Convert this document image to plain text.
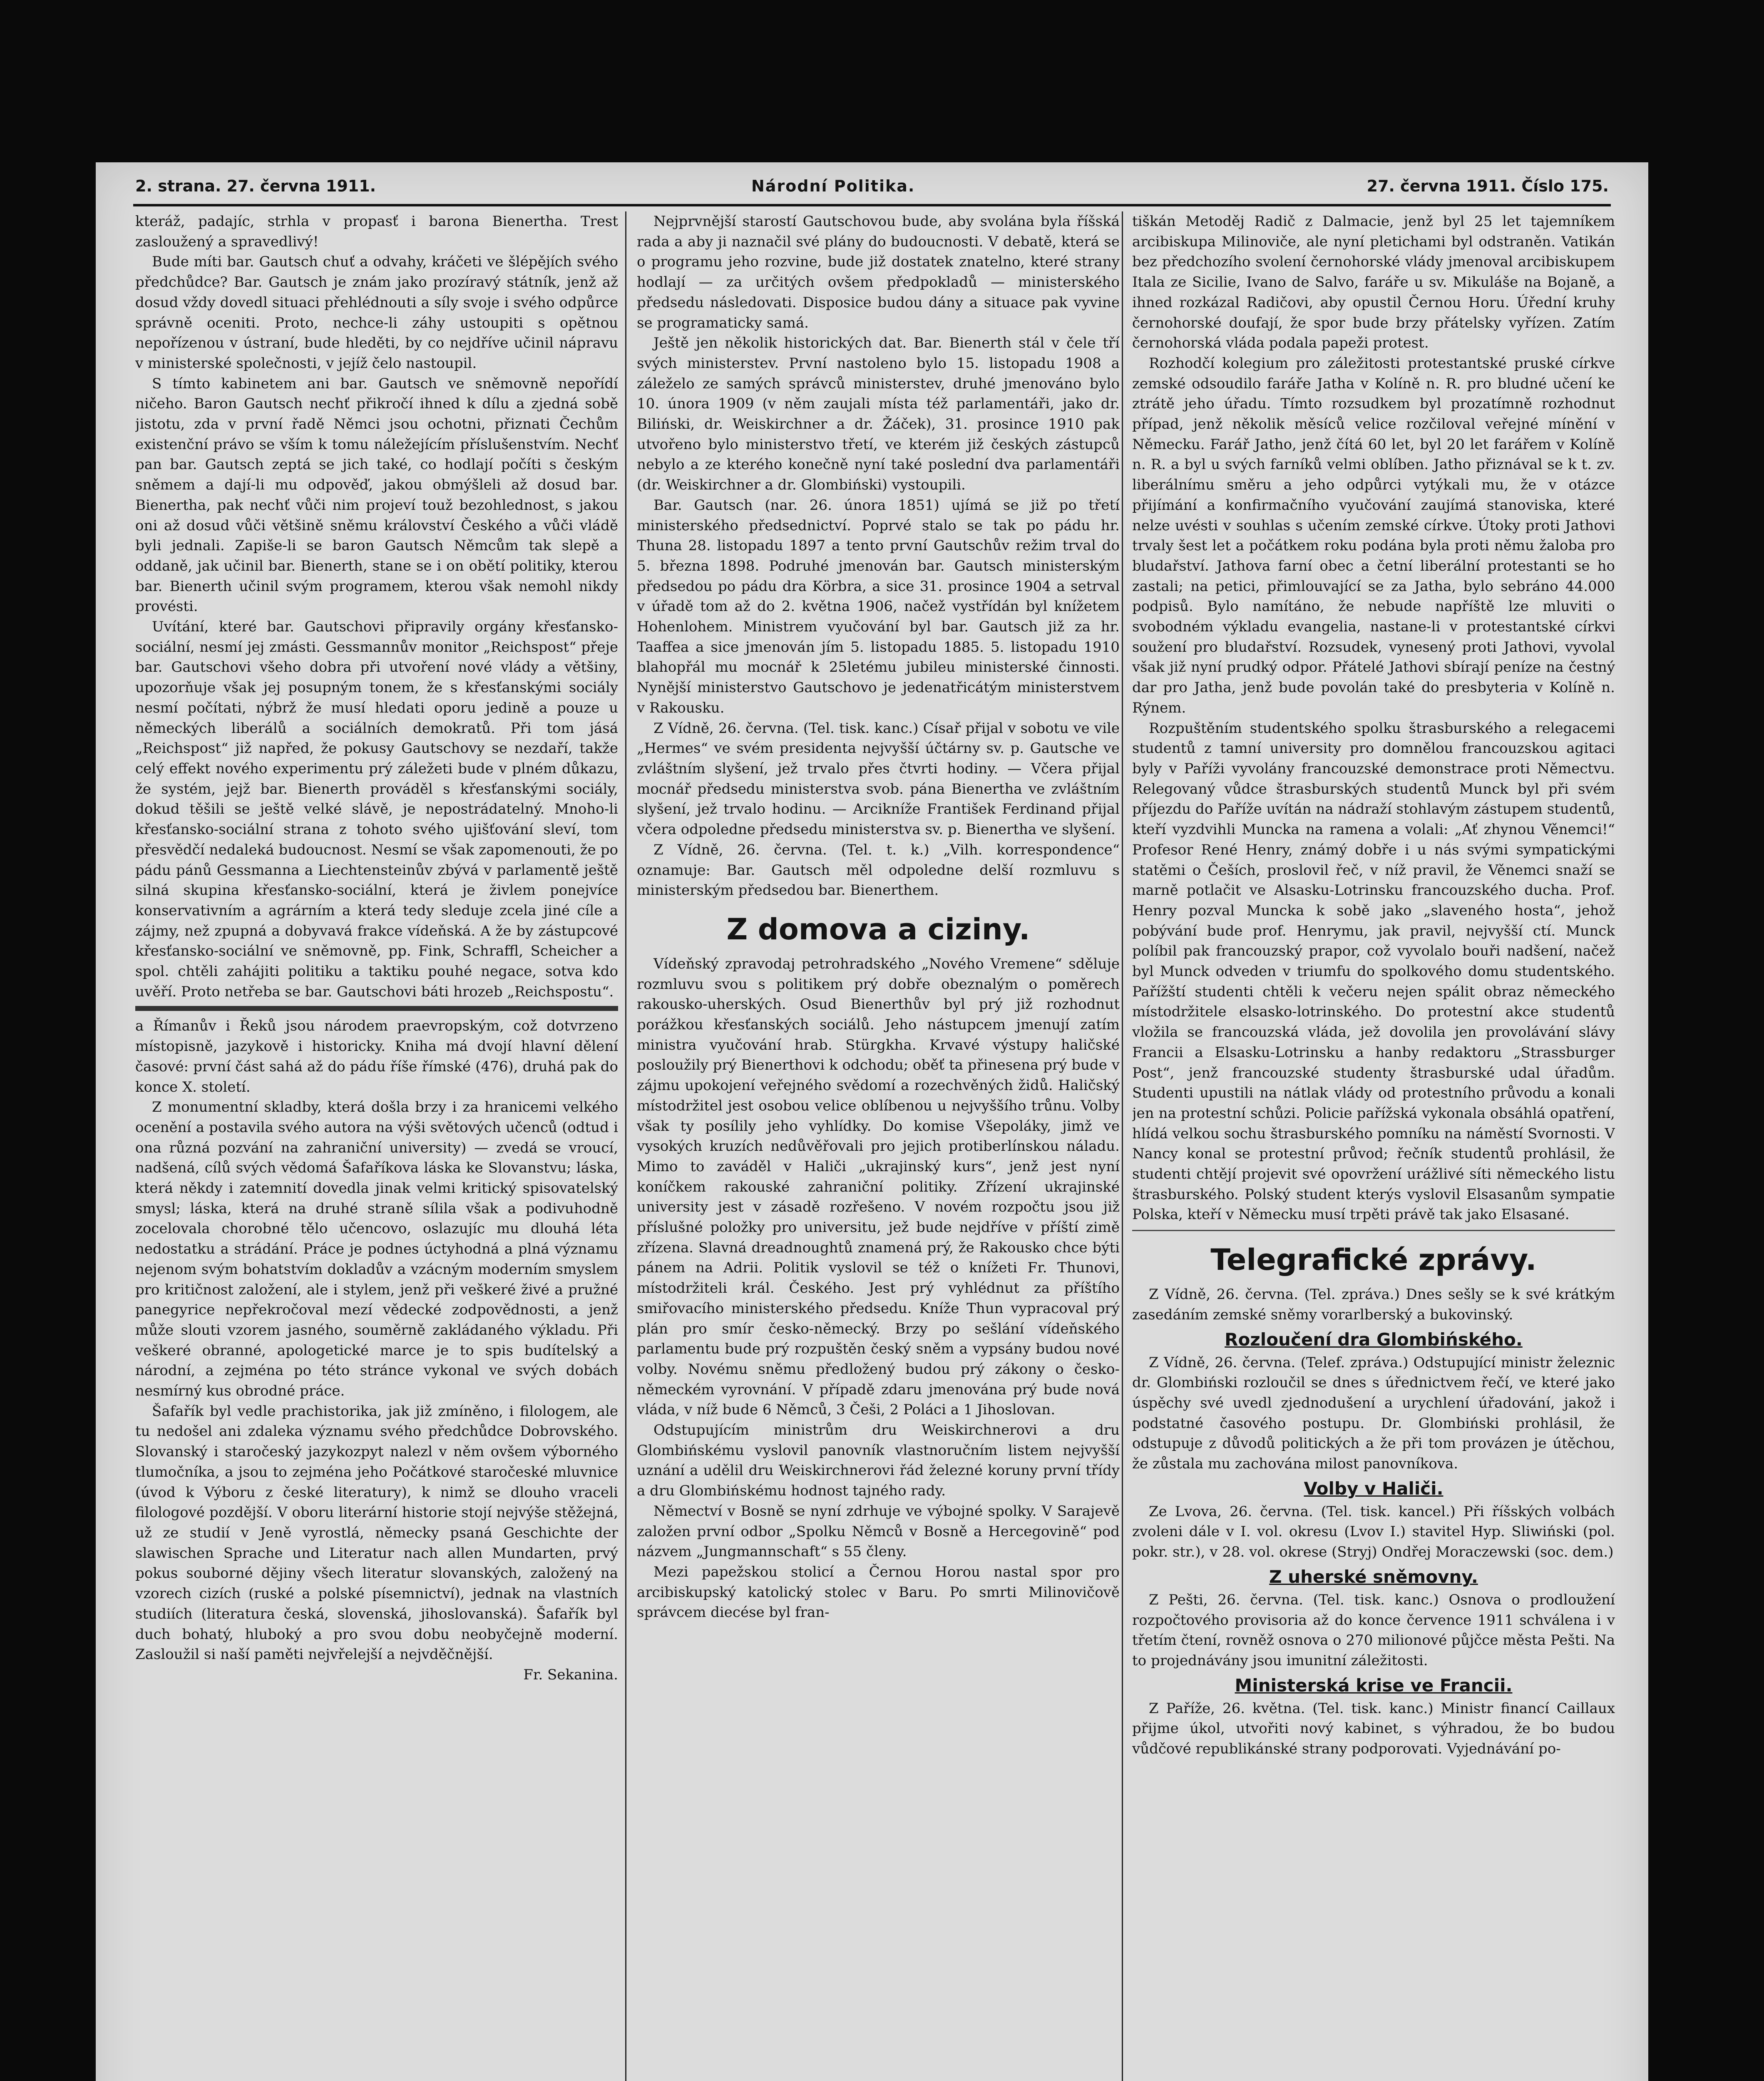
2. strana. 27. června 1911.	Národní Politika.	27. června 1911. Číslo 175.

kteráž, padajíc, strhla v propasť i barona Bienertha. Trest zasloužený a spravedlivý!

Bude míti bar. Gautsch chuť a odvahy, kráčeti ve šlépějích svého předchůdce? Bar. Gautsch je znám jako prozíravý státník, jenž až dosud vždy dovedl situaci přehlédnouti a síly svoje i svého odpůrce správně oceniti. Proto, nechce-li záhy ustoupiti s opětnou nepořízenou v ústraní, bude hleděti, by co nejdříve učinil nápravu v ministerské společnosti, v jejíž čelo nastoupil.

S tímto kabinetem ani bar. Gautsch ve sněmovně nepořídí ničeho. Baron Gautsch nechť přikročí ihned k dílu a zjedná sobě jistotu, zda v první řadě Němci jsou ochotni, přiznati Čechům existenční právo se vším k tomu náležejícím příslušenstvím. Nechť pan bar. Gautsch zeptá se jich také, co hodlají počíti s českým sněmem a dají-li mu odpověď, jakou obmýšleli až dosud bar. Bienertha, pak nechť vůči nim projeví touž bezohlednost, s jakou oni až dosud vůči většině sněmu království Českého a vůči vládě byli jednali. Zapiše-li se baron Gautsch Němcům tak slepě a oddaně, jak učinil bar. Bienerth, stane se i on obětí politiky, kterou bar. Bienerth učinil svým programem, kterou však nemohl nikdy provésti.

Uvítání, které bar. Gautschovi připravily orgány křesťansko-sociální, nesmí jej zmásti. Gessmannův monitor „Reichspost“ přeje bar. Gautschovi všeho dobra při utvoření nové vlády a většiny, upozorňuje však jej posupným tonem, že s křesťanskými sociály nesmí počítati, nýbrž že musí hledati oporu jedině a pouze u německých liberálů a sociálních demokratů. Při tom jásá „Reichspost“ již napřed, že pokusy Gautschovy se nezdaří, takže celý effekt nového experimentu prý záležeti bude v plném důkazu, že systém, jejž bar. Bienerth prováděl s křesťanskými sociály, dokud těšili se ještě velké slávě, je nepostrádatelný. Mnoho-li křesťansko-sociální strana z tohoto svého ujišťování sleví, tom přesvědčí nedaleká budoucnost. Nesmí se však zapomenouti, že po pádu pánů Gessmanna a Liechtensteinův zbývá v parlamentě ještě silná skupina křesťansko-sociální, která je živlem ponejvíce konservativním a agrárním a která tedy sleduje zcela jiné cíle a zájmy, než zpupná a dobyvavá frakce vídeňská. A že by zástupcové křesťansko-sociální ve sněmovně, pp. Fink, Schraffl, Scheicher a spol. chtěli zahájiti politiku a taktiku pouhé negace, sotva kdo uvěří. Proto netřeba se bar. Gautschovi báti hrozeb „Reichspostu“.

a Římanův i Řeků jsou národem praevropským, což dotvrzeno místopisně, jazykově i historicky. Kniha má dvojí hlavní dělení časové: první část sahá až do pádu říše římské (476), druhá pak do konce X. století.

Z monumentní skladby, která došla brzy i za hranicemi velkého ocenění a postavila svého autora na výši světových učenců (odtud i ona různá pozvání na zahraniční university) — zvedá se vroucí, nadšená, cílů svých vědomá Šafaříkova láska ke Slovanstvu; láska, která někdy i zatemnití dovedla jinak velmi kritický spisovatelský smysl; láska, která na druhé straně sílila však a podivuhodně zocelovala chorobné tělo učencovo, oslazujíc mu dlouhá léta nedostatku a strádání. Práce je podnes úctyhodná a plná významu nejenom svým bohatstvím dokladův a vzácným moderním smyslem pro kritičnost založení, ale i stylem, jenž při veškeré živé a pružné panegyrice nepřekročoval mezí vědecké zodpovědnosti, a jenž může slouti vzorem jasného, souměrně zakládaného výkladu. Při veškeré obranné, apologetické marce je to spis budítelský a národní, a zejména po této stránce vykonal ve svých dobách nesmírný kus obrodné práce.

Šafařík byl vedle prachistorika, jak již zmíněno, i filologem, ale tu nedošel ani zdaleka významu svého předchůdce Dobrovského. Slovanský i staročeský jazykozpyt nalezl v něm ovšem výborného tlumočníka, a jsou to zejména jeho Počátkové staročeské mluvnice (úvod k Výboru z české literatury), k nimž se dlouho vraceli filologové pozdější. V oboru literární historie stojí nejvýše stěžejná, už ze studií v Jeně vyrostlá, německy psaná Geschichte der slawischen Sprache und Literatur nach allen Mundarten, prvý pokus souborné dějiny všech literatur slovanských, založený na vzorech cizích (ruské a polské písemnictví), jednak na vlastních studiích (literatura česká, slovenská, jihoslovanská). Šafařík byl duch bohatý, hluboký a pro svou dobu neobyčejně moderní. Zasloužil si naší paměti nejvřelejší a nejvděčnější.

Fr. Sekanina.

Nejprvnější starostí Gautschovou bude, aby svolána byla říšská rada a aby ji naznačil své plány do budoucnosti. V debatě, která se o programu jeho rozvine, bude již dostatek znatelno, které strany hodlají — za určitých ovšem předpokladů — ministerského předsedu následovati. Disposice budou dány a situace pak vyvine se programaticky samá.

Ještě jen několik historických dat. Bar. Bienerth stál v čele tří svých ministerstev. První nastoleno bylo 15. listopadu 1908 a záleželo ze samých správců ministerstev, druhé jmenováno bylo 10. února 1909 (v něm zaujali místa též parlamentáři, jako dr. Biliński, dr. Weiskirchner a dr. Žáček), 31. prosince 1910 pak utvořeno bylo ministerstvo třetí, ve kterém již českých zástupců nebylo a ze kterého konečně nyní také poslední dva parlamentáři (dr. Weiskirchner a dr. Glombiński) vystoupili.

Bar. Gautsch (nar. 26. února 1851) ujímá se již po třetí ministerského předsednictví. Poprvé stalo se tak po pádu hr. Thuna 28. listopadu 1897 a tento první Gautschův režim trval do 5. března 1898. Podruhé jmenován bar. Gautsch ministerským předsedou po pádu dra Körbra, a sice 31. prosince 1904 a setrval v úřadě tom až do 2. května 1906, načež vystřídán byl knížetem Hohenlohem. Ministrem vyučování byl bar. Gautsch již za hr. Taaffea a sice jmenován jím 5. listopadu 1885. 5. listopadu 1910 blahopřál mu mocnář k 25letému jubileu ministerské činnosti. Nynější ministerstvo Gautschovo je jedenatřicátým ministerstvem v Rakousku.

Z Vídně, 26. června. (Tel. tisk. kanc.) Císař přijal v sobotu ve vile „Hermes“ ve svém presidenta nejvyšší účtárny sv. p. Gautsche ve zvláštním slyšení, jež trvalo přes čtvrti hodiny. — Včera přijal mocnář předsedu ministerstva svob. pána Bienertha ve zvláštním slyšení, jež trvalo hodinu. — Arcikníže František Ferdinand přijal včera odpoledne předsedu ministerstva sv. p. Bienertha ve slyšení.

Z Vídně, 26. června. (Tel. t. k.) „Vilh. korrespondence“ oznamuje: Bar. Gautsch měl odpoledne delší rozmluvu s ministerským předsedou bar. Bienerthem.

Z domova a ciziny.

Vídeňský zpravodaj petrohradského „Nového Vremene“ sděluje rozmluvu svou s politikem prý dobře obeznalým o poměrech rakousko-uherských. Osud Bienerthův byl prý již rozhodnut porážkou křesťanských sociálů. Jeho nástupcem jmenují zatím ministra vyučování hrab. Stürgkha. Krvavé výstupy haličské posloužily prý Bienerthovi k odchodu; oběť ta přinesena prý bude v zájmu upokojení veřejného svědomí a rozechvěných židů. Haličský místodržitel jest osobou velice oblíbenou u nejvyššího trůnu. Volby však ty posílily jeho vyhlídky. Do komise Všepoláky, jimž ve vysokých kruzích nedůvěřovali pro jejich protiberlínskou náladu. Mimo to zaváděl v Haliči „ukrajinský kurs“, jenž jest nyní koníčkem rakouské zahraniční politiky. Zřízení ukrajinské university jest v zásadě rozřešeno. V novém rozpočtu jsou již příslušné položky pro universitu, jež bude nejdříve v příští zimě zřízena. Slavná dreadnoughtů znamená prý, že Rakousko chce býti pánem na Adrii. Politik vyslovil se též o knížeti Fr. Thunovi, místodržiteli král. Českého. Jest prý vyhlédnut za příštího smiřovacího ministerského předsedu. Kníže Thun vypracoval prý plán pro smír česko-německý. Brzy po sešlání vídeňského parlamentu bude prý rozpuštěn český sněm a vypsány budou nové volby. Novému sněmu předložený budou prý zákony o česko-německém vyrovnání. V případě zdaru jmenována prý bude nová vláda, v níž bude 6 Němců, 3 Češi, 2 Poláci a 1 Jihoslovan.

Odstupujícím ministrům dru Weiskirchnerovi a dru Glombińskému vyslovil panovník vlastnoručním listem nejvyšší uznání a udělil dru Weiskirchnerovi řád železné koruny první třídy a dru Glombińskému hodnost tajného rady.

Němectví v Bosně se nyní zdrhuje ve výbojné spolky. V Sarajevě založen první odbor „Spolku Němců v Bosně a Hercegovině“ pod názvem „Jungmannschaft“ s 55 členy.

Mezi papežskou stolicí a Černou Horou nastal spor pro arcibiskupský katolický stolec v Baru. Po smrti Milinovičově správcem diecése byl fran-

tiškán Metoděj Radič z Dalmacie, jenž byl 25 let tajemníkem arcibiskupa Milinoviče, ale nyní pletichami byl odstraněn. Vatikán bez předchozího svolení černohorské vlády jmenoval arcibiskupem Itala ze Sicilie, Ivano de Salvo, faráře u sv. Mikuláše na Bojaně, a ihned rozkázal Radičovi, aby opustil Černou Horu. Úřední kruhy černohorské doufají, že spor bude brzy přátelsky vyřízen. Zatím černohorská vláda podala papeži protest.

Rozhodčí kolegium pro záležitosti protestantské pruské církve zemské odsoudilo faráře Jatha v Kolíně n. R. pro bludné učení ke ztrátě jeho úřadu. Tímto rozsudkem byl prozatímně rozhodnut případ, jenž několik měsíců velice rozčiloval veřejné mínění v Německu. Farář Jatho, jenž čítá 60 let, byl 20 let farářem v Kolíně n. R. a byl u svých farníků velmi oblíben. Jatho přiznával se k t. zv. liberálnímu směru a jeho odpůrci vytýkali mu, že v otázce přijímání a konfirmačního vyučování zaujímá stanoviska, které nelze uvésti v souhlas s učením zemské církve. Útoky proti Jathovi trvaly šest let a počátkem roku podána byla proti němu žaloba pro bludařství. Jathova farní obec a četní liberální protestanti se ho zastali; na petici, přimlouvající se za Jatha, bylo sebráno 44.000 podpisů. Bylo namítáno, že nebude napříště lze mluviti o svobodném výkladu evangelia, nastane-li v protestantské církvi soužení pro bludařství. Rozsudek, vynesený proti Jathovi, vyvolal však již nyní prudký odpor. Přátelé Jathovi sbírají peníze na čestný dar pro Jatha, jenž bude povolán také do presbyteria v Kolíně n. Rýnem.

Rozpuštěním studentského spolku štrasburského a relegacemi studentů z tamní university pro domnělou francouzskou agitaci byly v Paříži vyvolány francouzské demonstrace proti Němectvu. Relegovaný vůdce štrasburských studentů Munck byl při svém příjezdu do Paříže uvítán na nádraží stohlavým zástupem studentů, kteří vyzdvihli Muncka na ramena a volali: „Ať zhynou Věnemci!“ Profesor René Henry, známý dobře i u nás svými sympatickými statěmi o Češích, proslovil řeč, v níž pravil, že Věnemci snaží se marně potlačit ve Alsasku-Lotrinsku francouzského ducha. Prof. Henry pozval Muncka k sobě jako „slaveného hosta“, jehož pobývání bude prof. Henrymu, jak pravil, nejvyšší ctí. Munck políbil pak francouzský prapor, což vyvolalo bouři nadšení, načež byl Munck odveden v triumfu do spolkového domu studentského. Pařížští studenti chtěli k večeru nejen spálit obraz německého místodržitele elsasko-lotrinského. Do protestní akce studentů vložila se francouzská vláda, jež dovolila jen provolávání slávy Francii a Elsasku-Lotrinsku a hanby redaktoru „Strassburger Post“, jenž francouzské studenty štrasburské udal úřadům. Studenti upustili na nátlak vlády od protestního průvodu a konali jen na protestní schůzi. Policie pařížská vykonala obsáhlá opatření, hlídá velkou sochu štrasburského pomníku na náměstí Svornosti. V Nancy konal se protestní průvod; řečník studentů prohlásil, že studenti chtějí projevit své opovržení urážlivé síti německého listu štrasburského. Polský student kterýs vyslovil Elsasanům sympatie Polska, kteří v Německu musí trpěti právě tak jako Elsasané.

Telegrafické zprávy.

Z Vídně, 26. června. (Tel. zpráva.) Dnes sešly se k své krátkým zasedáním zemské sněmy vorarlberský a bukovinský.

Rozloučení dra Glombińského.

Z Vídně, 26. června. (Telef. zpráva.) Odstupující ministr železnic dr. Glombiński rozloučil se dnes s úřednictvem řečí, ve které jako úspěchy své uvedl zjednodušení a urychlení úřadování, jakož i podstatné časového postupu. Dr. Glombiński prohlásil, že odstupuje z důvodů politických a že při tom provázen je útěchou, že zůstala mu zachována milost panovníkova.

Volby v Haliči.

Ze Lvova, 26. června. (Tel. tisk. kancel.) Při říšských volbách zvoleni dále v I. vol. okresu (Lvov I.) stavitel Hyp. Sliwiński (pol. pokr. str.), v 28. vol. okrese (Stryj) Ondřej Moraczewski (soc. dem.)

Z uherské sněmovny.

Z Pešti, 26. června. (Tel. tisk. kanc.) Osnova o prodloužení rozpočtového provisoria až do konce července 1911 schválena i v třetím čtení, rovněž osnova o 270 milionové půjčce města Pešti. Na to projednávány jsou imunitní záležitosti.

Ministerská krise ve Francii.

Z Paříže, 26. května. (Tel. tisk. kanc.) Ministr financí Caillaux přijme úkol, utvořiti nový kabinet, s výhradou, že bo budou vůdčové republikánské strany podporovati. Vyjednávání po-
